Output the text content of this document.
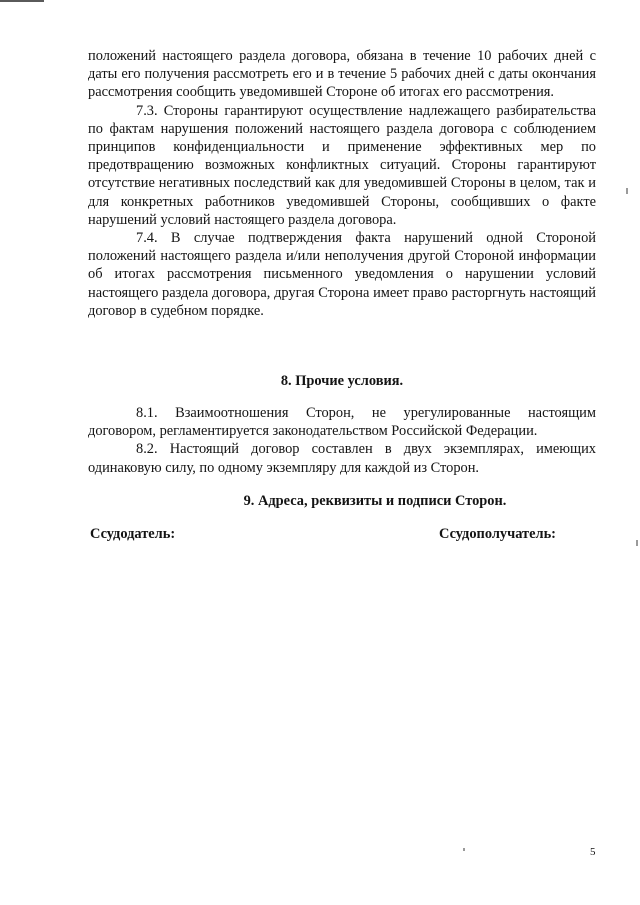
положений настоящего раздела договора, обязана в течение 10 рабочих дней с даты его получения рассмотреть его и в течение 5 рабочих дней с даты окончания рассмотрения сообщить уведомившей Стороне об итогах его рассмотрения.

7.3. Стороны гарантируют осуществление надлежащего разбирательства по фактам нарушения положений настоящего раздела договора с соблюдением принципов конфиденциальности и применение эффективных мер по предотвращению возможных конфликтных ситуаций. Стороны гарантируют отсутствие негативных последствий как для уведомившей Стороны в целом, так и для конкретных работников уведомившей Стороны, сообщивших о факте нарушений условий настоящего раздела договора.

7.4. В случае подтверждения факта нарушений одной Стороной положений настоящего раздела и/или неполучения другой Стороной информации об итогах рассмотрения письменного уведомления о нарушении условий настоящего раздела договора, другая Сторона имеет право расторгнуть настоящий договор в судебном порядке.

8. Прочие условия.

8.1. Взаимоотношения Сторон, не урегулированные настоящим договором, регламентируется законодательством Российской Федерации.

8.2. Настоящий договор составлен в двух экземплярах, имеющих одинаковую силу, по одному экземпляру для каждой из Сторон.

9. Адреса, реквизиты и подписи Сторон.
Ссудодатель:	Ссудополучатель:
5
